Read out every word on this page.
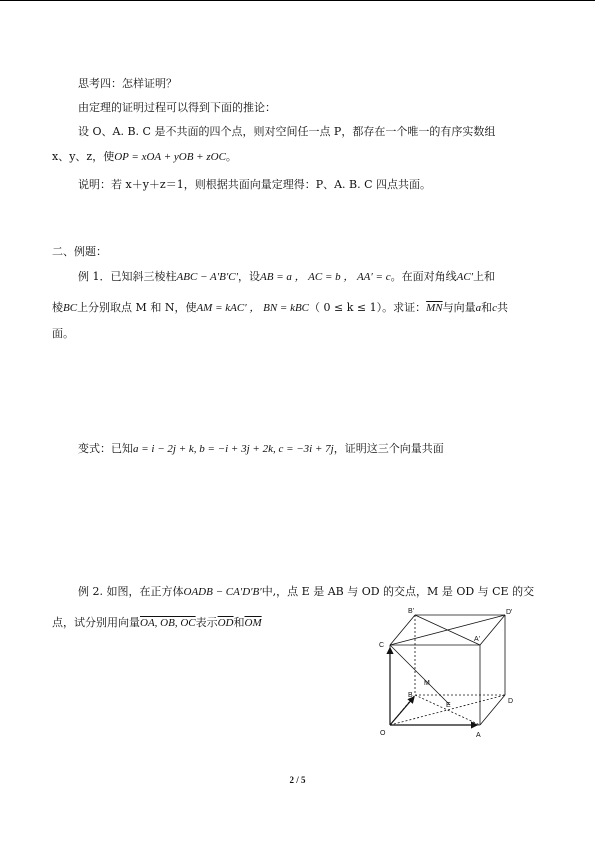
思考四：怎样证明？
由定理的证明过程可以得到下面的推论：
设 O、A. B. C 是不共面的四个点，则对空间任一点 P，都存在一个唯一的有序实数组
x、y、z，使OP = xOA + yOB + zOC。
说明：若 x＋y＋z＝1，则根据共面向量定理得：P、A. B. C 四点共面。
二、例题：
例 1．已知斜三棱柱ABC − A′B′C′，设AB = a ， AC = b ， AA′ = c。在面对角线AC′上和
棱BC上分别取点 M 和 N，使AM = kAC′ ， BN = kBC（ 0 ≤ k ≤ 1）。求证：$\overline{MN}$与向量a和c共
面。
变式：已知a = i − 2j + k, b = −i + 3j + 2k, c = −3i + 7j，证明这三个向量共面
例 2. 如图，在正方体OADB − CA′D′B′中,，点 E 是 AB 与 OD 的交点，M 是 OD 与 CE 的交
点，试分别用向量OA, OB, OC表示$\overline{OD}$和$\overline{OM}$
O	A
B
C
D
E
M
B'	D'
A'
2 / 5
